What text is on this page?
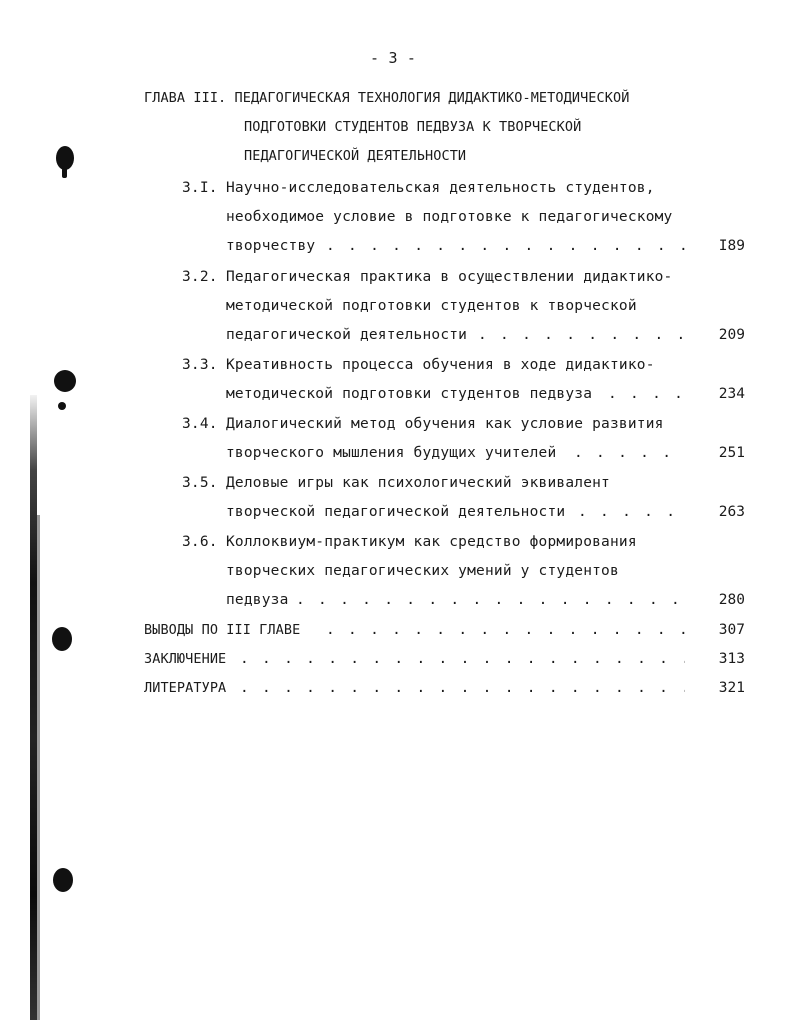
- 3 -
ГЛАВА III. ПЕДАГОГИЧЕСКАЯ ТЕХНОЛОГИЯ ДИДАКТИКО-МЕТОДИЧЕСКОЙ
ПОДГОТОВКИ СТУДЕНТОВ ПЕДВУЗА К ТВОРЧЕСКОЙ
ПЕДАГОГИЧЕСКОЙ ДЕЯТЕЛЬНОСТИ
3.I. Научно-исследовательская деятельность студентов,
необходимое условие в подготовке к педагогическому
творчеству . . .	I89
3.2. Педагогическая практика в осуществлении дидактико-
методической подготовки студентов к творческой
педагогической деятельности . . .	209
3.3. Креативность процесса обучения в ходе дидактико-
методической подготовки студентов педвуза . . .	234
3.4. Диалогический метод обучения как условие развития
творческого мышления будущих учителей . . .	251
3.5. Деловые игры как психологический эквивалент
творческой педагогической деятельности . . .	263
3.6. Коллоквиум-практикум как средство формирования
творческих педагогических умений у студентов
педвуза . . .	280
ВЫВОДЫ ПО III ГЛАВЕ . . .	307
ЗАКЛЮЧЕНИЕ . . .	313
ЛИТЕРАТУРА . . .	321
